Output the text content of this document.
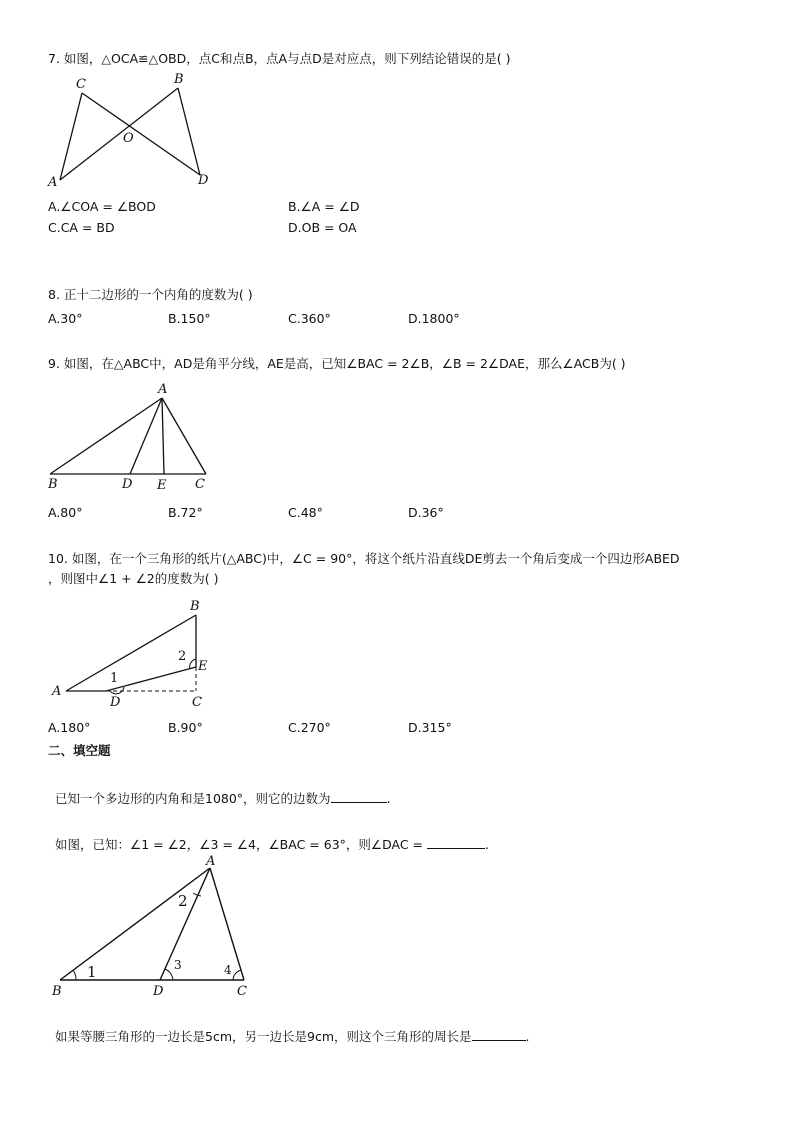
7. 如图，△OCA≌△OBD，点C和点B，点A与点D是对应点，则下列结论错误的是( )
C	B
O
A	D
A.∠COA = ∠BOD	B.∠A = ∠D
C.CA = BD	D.OB = OA
8. 正十二边形的一个内角的度数为( )
A.30°	B.150°	C.360°	D.1800°
9. 如图，在△ABC中，AD是角平分线，AE是高，已知∠BAC = 2∠B，∠B = 2∠DAE，那么∠ACB为( )
A
B	D E C
A.80°	B.72°	C.48°	D.36°
10. 如图，在一个三角形的纸片(△ABC)中，∠C = 90°，将这个纸片沿直线DE剪去一个角后变成一个四边形ABED
，则图中∠1 + ∠2的度数为( )
B
E
A
D	C
1
2
A.180°	B.90°	C.270°	D.315°
二、填空题
已知一个多边形的内角和是1080°，则它的边数为	.
如图，已知：∠1 = ∠2，∠3 = ∠4，∠BAC = 63°，则∠DAC =	.
A
B	D	C
1
2
3	4
如果等腰三角形的一边长是5cm，另一边长是9cm，则这个三角形的周长是	.
